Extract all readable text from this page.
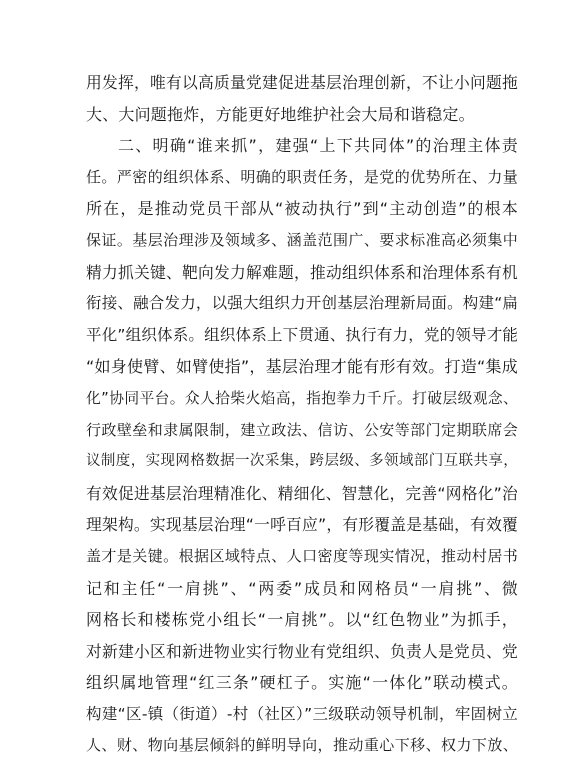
用发挥，唯有以高质量党建促进基层治理创新，不让小问题拖
大、大问题拖炸，方能更好地维护社会大局和谐稳定。
二、明确“谁来抓”，建强“上下共同体”的治理主体责
任。严密的组织体系、明确的职责任务，是党的优势所在、力量
所在，是推动党员干部从“被动执行”到“主动创造”的根本
保证。基层治理涉及领域多、涵盖范围广、要求标准高必须集中
精力抓关键、靶向发力解难题，推动组织体系和治理体系有机
衔接、融合发力，以强大组织力开创基层治理新局面。构建“扁
平化”组织体系。组织体系上下贯通、执行有力，党的领导才能
“如身使臂、如臂使指”，基层治理才能有形有效。打造“集成
化”协同平台。众人拾柴火焰高，指抱拳力千斤。打破层级观念、
行政壁垒和隶属限制，建立政法、信访、公安等部门定期联席会
议制度，实现网格数据一次采集，跨层级、多领域部门互联共享，
有效促进基层治理精准化、精细化、智慧化，完善“网格化”治
理架构。实现基层治理“一呼百应”，有形覆盖是基础，有效覆
盖才是关键。根据区域特点、人口密度等现实情况，推动村居书
记和主任“一肩挑”、“两委”成员和网格员“一肩挑”、微
网格长和楼栋党小组长“一肩挑”。以“红色物业”为抓手，
对新建小区和新进物业实行物业有党组织、负责人是党员、党
组织属地管理“红三条”硬杠子。实施“一体化”联动模式。
构建“区-镇（街道）-村（社区）”三级联动领导机制，牢固树立
人、财、物向基层倾斜的鲜明导向，推动重心下移、权力下放、
